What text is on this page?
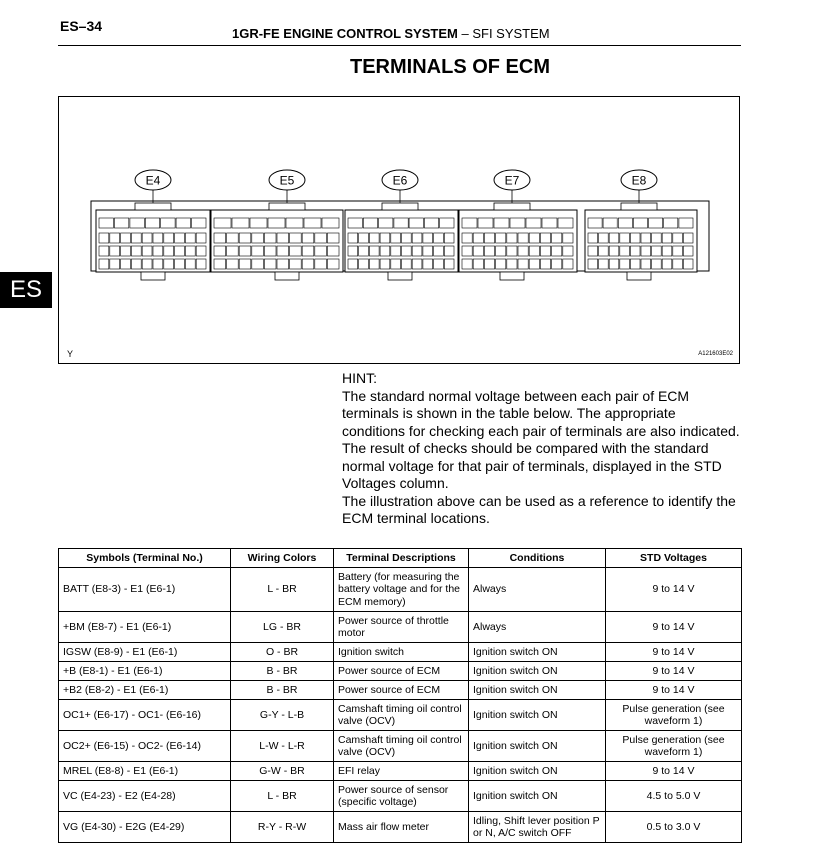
ES–34	1GR-FE ENGINE CONTROL SYSTEM – SFI SYSTEM
TERMINALS OF ECM
E4	E5	E6	E7	E8
Y	A121603E02
ES

HINT:

The standard normal voltage between each pair of ECM terminals is shown in the table below. The appropriate conditions for checking each pair of terminals are also indicated.

The result of checks should be compared with the standard normal voltage for that pair of terminals, displayed in the STD Voltages column.

The illustration above can be used as a reference to identify the ECM terminal locations.

Symbols (Terminal No.)	Wiring Colors	Terminal Descriptions	Conditions	STD Voltages
BATT (E8-3) - E1 (E6-1)	L - BR	Battery (for measuring the battery voltage and for the ECM memory)	Always	9 to 14 V
+BM (E8-7) - E1 (E6-1)	LG - BR	Power source of throttle motor	Always	9 to 14 V
IGSW (E8-9) - E1 (E6-1)	O - BR	Ignition switch	Ignition switch ON	9 to 14 V
+B (E8-1) - E1 (E6-1)	B - BR	Power source of ECM	Ignition switch ON	9 to 14 V
+B2 (E8-2) - E1 (E6-1)	B - BR	Power source of ECM	Ignition switch ON	9 to 14 V
OC1+ (E6-17) - OC1- (E6-16)	G-Y - L-B	Camshaft timing oil control valve (OCV)	Ignition switch ON	Pulse generation (see waveform 1)
OC2+ (E6-15) - OC2- (E6-14)	L-W - L-R	Camshaft timing oil control valve (OCV)	Ignition switch ON	Pulse generation (see waveform 1)
MREL (E8-8) - E1 (E6-1)	G-W - BR	EFI relay	Ignition switch ON	9 to 14 V
VC (E4-23) - E2 (E4-28)	L - BR	Power source of sensor (specific voltage)	Ignition switch ON	4.5 to 5.0 V
VG (E4-30) - E2G (E4-29)	R-Y - R-W	Mass air flow meter	Idling, Shift lever position P or N, A/C switch OFF	0.5 to 3.0 V
